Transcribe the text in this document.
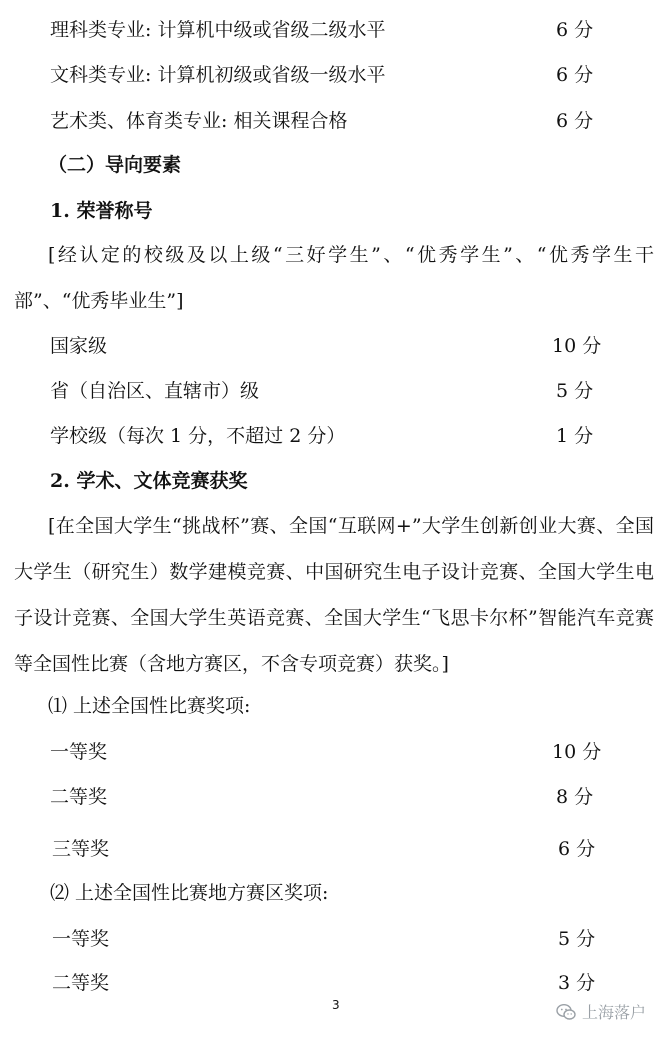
理科类专业: 计算机中级或省级二级水平	6 分
文科类专业: 计算机初级或省级一级水平	6 分
艺术类、体育类专业: 相关课程合格	6 分
（二）导向要素
1. 荣誉称号
[经认定的校级及以上级“三好学生”、“优秀学生”、“优秀学生干部”、“优秀毕业生”]
国家级	10 分
省（自治区、直辖市）级	5 分
学校级（每次 1 分，不超过 2 分）	1 分
2. 学术、文体竞赛获奖
[在全国大学生“挑战杯”赛、全国“互联网+”大学生创新创业大赛、全国大学生（研究生）数学建模竞赛、中国研究生电子设计竞赛、全国大学生电子设计竞赛、全国大学生英语竞赛、全国大学生“飞思卡尔杯”智能汽车竞赛等全国性比赛（含地方赛区，不含专项竞赛）获奖。]
⑴ 上述全国性比赛奖项:
一等奖	10 分
二等奖	8 分
三等奖	6 分
⑵ 上述全国性比赛地方赛区奖项:
一等奖	5 分
二等奖	3 分
3	上海落户
